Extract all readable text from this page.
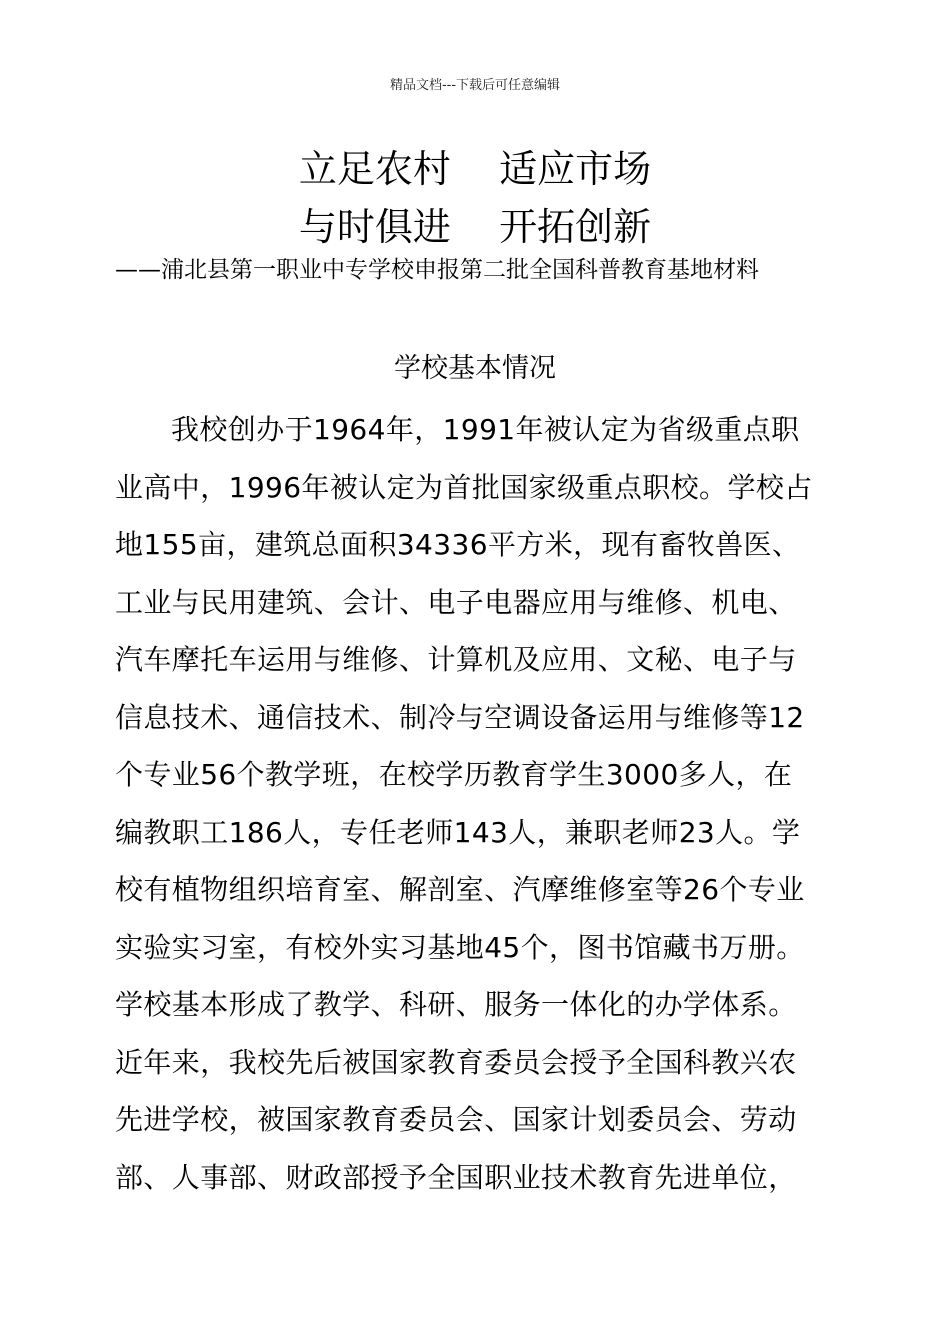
精品文档---下载后可任意编辑
立足农村    适应市场
与时俱进    开拓创新
——浦北县第一职业中专学校申报第二批全国科普教育基地材料
学校基本情况
我校创办于1964年，1991年被认定为省级重点职
业高中，1996年被认定为首批国家级重点职校。学校占
地155亩，建筑总面积34336平方米，现有畜牧兽医、
工业与民用建筑、会计、电子电器应用与维修、机电、
汽车摩托车运用与维修、计算机及应用、文秘、电子与
信息技术、通信技术、制冷与空调设备运用与维修等12
个专业56个教学班，在校学历教育学生3000多人，在
编教职工186人，专任老师143人，兼职老师23人。学
校有植物组织培育室、解剖室、汽摩维修室等26个专业
实验实习室，有校外实习基地45个，图书馆藏书万册。
学校基本形成了教学、科研、服务一体化的办学体系。
近年来，我校先后被国家教育委员会授予全国科教兴农
先进学校，被国家教育委员会、国家计划委员会、劳动
部、人事部、财政部授予全国职业技术教育先进单位，
